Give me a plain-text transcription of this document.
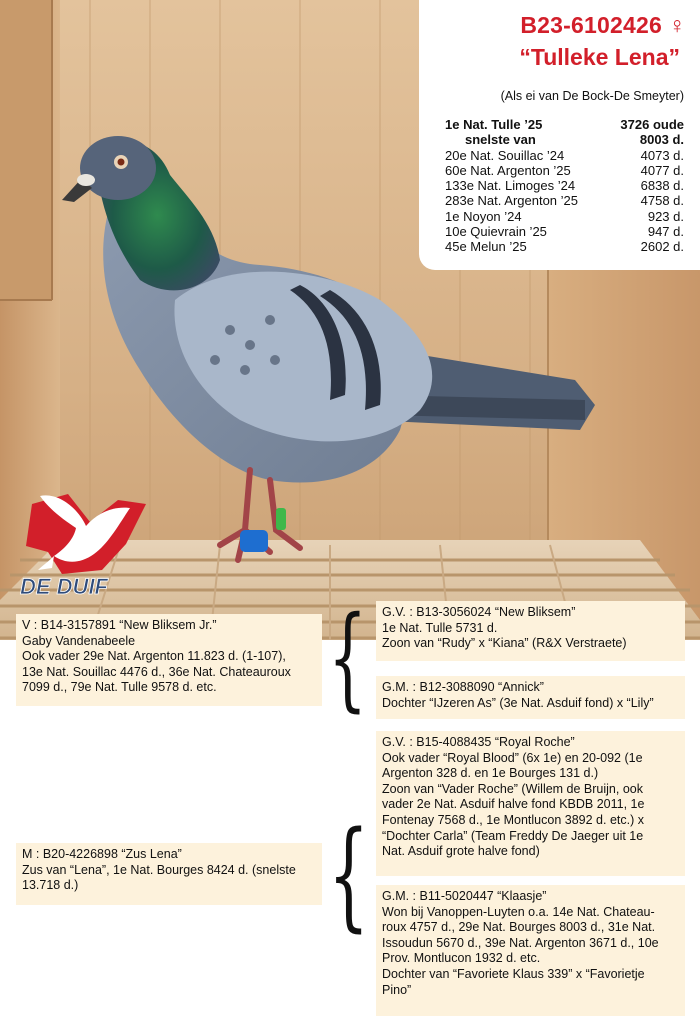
B23-6102426 ♀
“Tulleke Lena”
(Als ei van De Bock-De Smeyter)
1e Nat. Tulle ’25	3726 oude
snelste van	8003 d.
20e Nat. Souillac ’24	4073 d.
60e Nat. Argenton ’25	4077 d.
133e Nat. Limoges ’24	6838 d.
283e Nat. Argenton ’25	4758 d.
1e Noyon ’24	923 d.
10e Quievrain ’25	947 d.
45e Melun ’25	2602 d.
DE DUIF
V : B14-3157891 “New Bliksem Jr.”
Gaby Vandenabeele
Ook vader 29e Nat. Argenton 11.823 d. (1-107),
13e Nat. Souillac 4476 d., 36e Nat. Chateauroux
7099 d., 79e Nat. Tulle 9578 d. etc. { G.V. : B13-3056024 “New Bliksem”
1e Nat. Tulle 5731 d.
Zoon van “Rudy” x “Kiana” (R&X Verstraete)
G.M. : B12-3088090 “Annick”
Dochter “IJzeren As” (3e Nat. Asduif fond) x “Lily”
M : B20-4226898 “Zus Lena”
Zus van “Lena”, 1e Nat. Bourges 8424 d. (snelste
13.718 d.)	{
G.V. : B15-4088435 “Royal Roche”
Ook vader “Royal Blood” (6x 1e) en 20-092 (1e
Argenton 328 d. en 1e Bourges 131 d.)
Zoon van “Vader Roche” (Willem de Bruijn, ook
vader 2e Nat. Asduif halve fond KBDB 2011, 1e
Fontenay 7568 d., 1e Montlucon 3892 d. etc.) x
“Dochter Carla” (Team Freddy De Jaeger uit 1e
Nat. Asduif grote halve fond)
G.M. : B11-5020447 “Klaasje”
Won bij Vanoppen-Luyten o.a. 14e Nat. Chateau-
roux 4757 d., 29e Nat. Bourges 8003 d., 31e Nat.
Issoudun 5670 d., 39e Nat. Argenton 3671 d., 10e
Prov. Montlucon 1932 d. etc.
Dochter van “Favoriete Klaus 339” x “Favorietje
Pino”
